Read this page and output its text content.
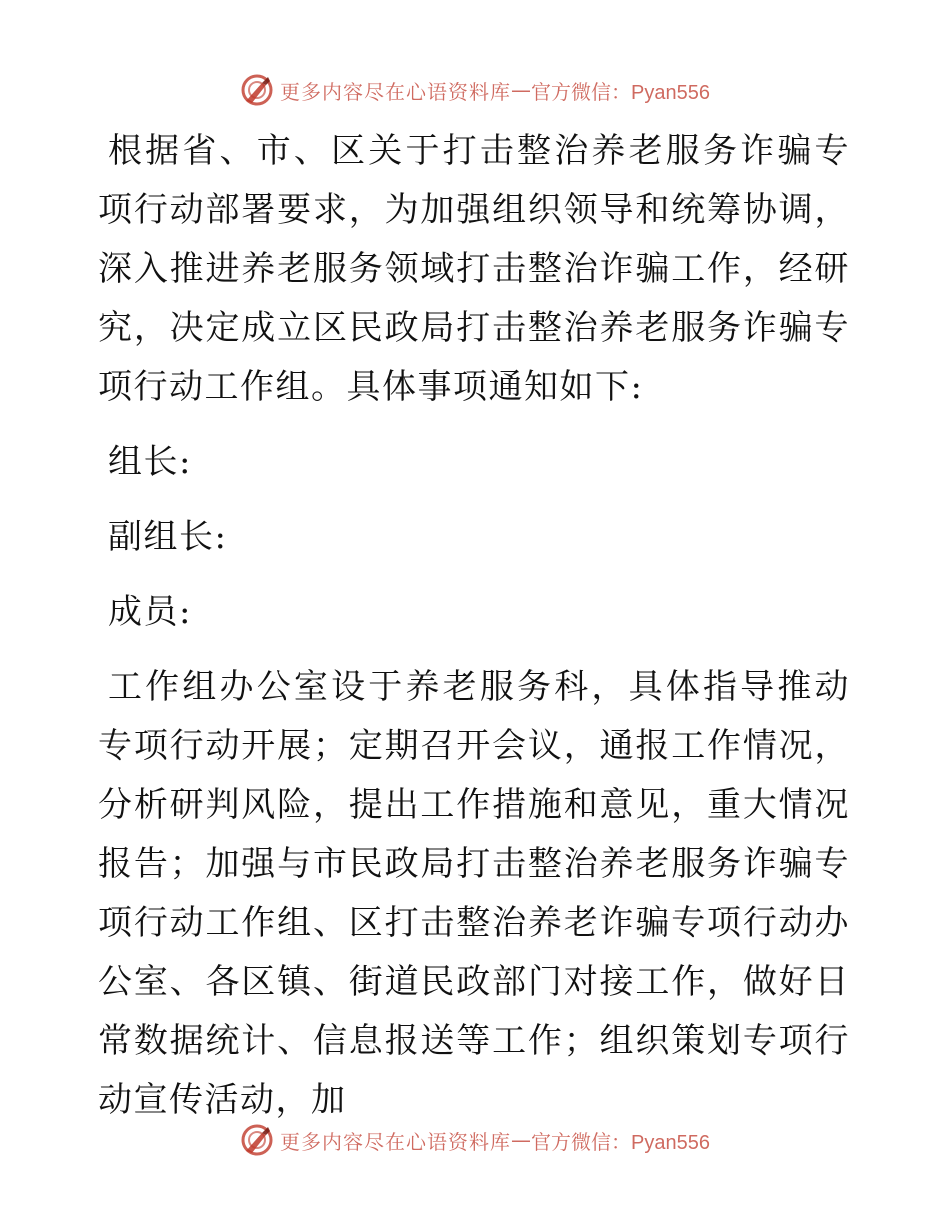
更多内容尽在心语资料库 — 官方微信：Pyan556

根据省、市、区关于打击整治养老服务诈骗专项行动部署要求，为加强组织领导和统筹协调，深入推进养老服务领域打击整治诈骗工作，经研究，决定成立区民政局打击整治养老服务诈骗专项行动工作组。具体事项通知如下:

组长:

副组长:

成员:

工作组办公室设于养老服务科，具体指导推动专项行动开展；定期召开会议，通报工作情况，分析研判风险，提出工作措施和意见，重大情况报告；加强与市民政局打击整治养老服务诈骗专项行动工作组、区打击整治养老诈骗专项行动办公室、各区镇、街道民政部门对接工作，做好日常数据统计、信息报送等工作；组织策划专项行动宣传活动，加

更多内容尽在心语资料库 — 官方微信：Pyan556
